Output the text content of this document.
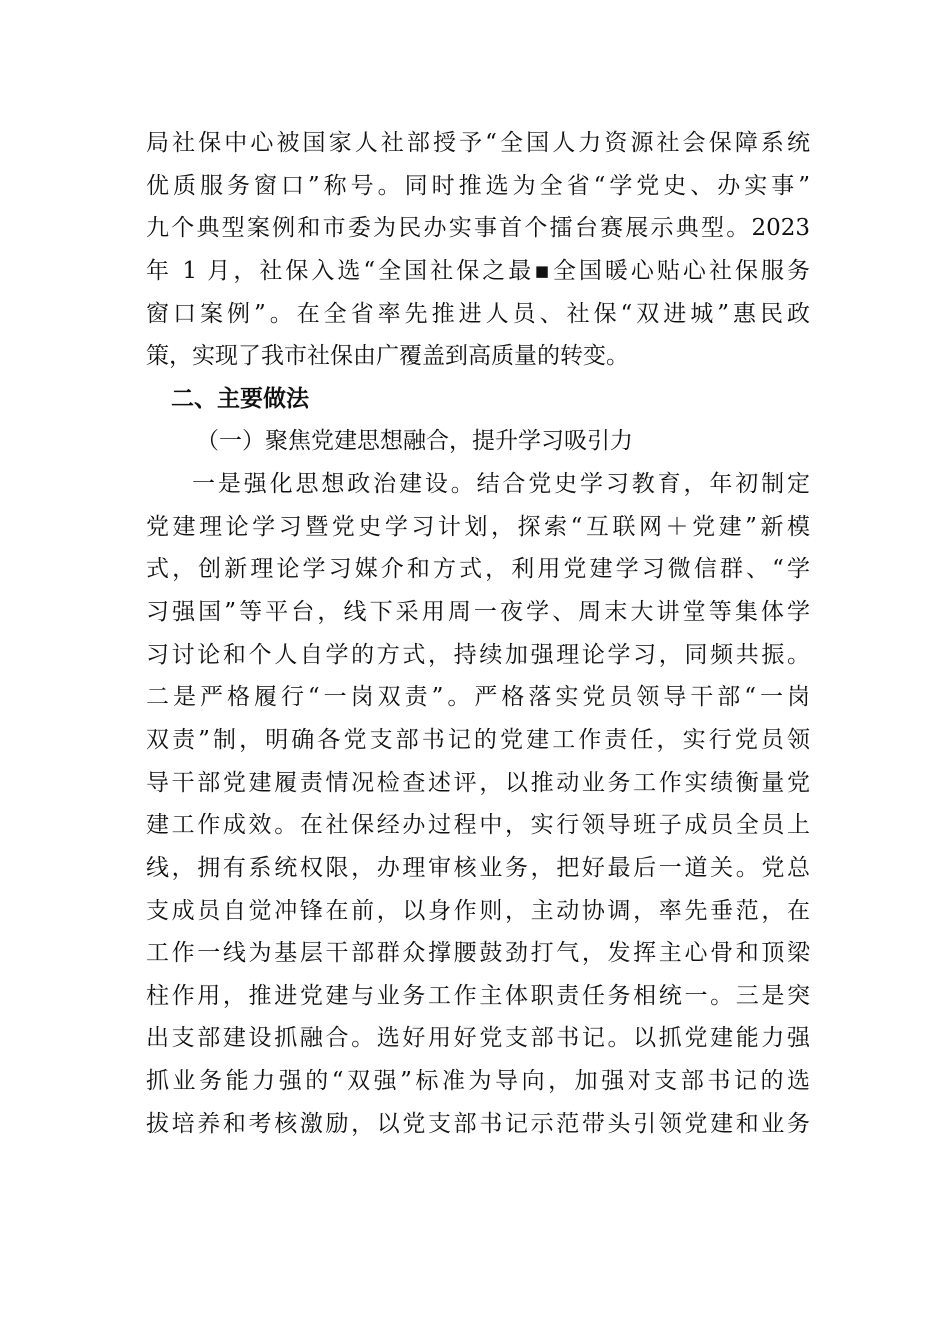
局社保中心被国家人社部授予“全国人力资源社会保障系统
优质服务窗口”称号。同时推选为全省“学党史、办实事”
九个典型案例和市委为民办实事首个擂台赛展示典型。2023
年 1 月，社保入选“全国社保之最▪全国暖心贴心社保服务
窗口案例”。在全省率先推进人员、社保“双进城”惠民政
策，实现了我市社保由广覆盖到高质量的转变。
二、主要做法
（一）聚焦党建思想融合，提升学习吸引力
一是强化思想政治建设。结合党史学习教育，年初制定
党建理论学习暨党史学习计划，探索“互联网＋党建”新模
式，创新理论学习媒介和方式，利用党建学习微信群、“学
习强国”等平台，线下采用周一夜学、周末大讲堂等集体学
习讨论和个人自学的方式，持续加强理论学习，同频共振。
二是严格履行“一岗双责”。严格落实党员领导干部“一岗
双责”制，明确各党支部书记的党建工作责任，实行党员领
导干部党建履责情况检查述评，以推动业务工作实绩衡量党
建工作成效。在社保经办过程中，实行领导班子成员全员上
线，拥有系统权限，办理审核业务，把好最后一道关。党总
支成员自觉冲锋在前，以身作则，主动协调，率先垂范，在
工作一线为基层干部群众撑腰鼓劲打气，发挥主心骨和顶梁
柱作用，推进党建与业务工作主体职责任务相统一。三是突
出支部建设抓融合。选好用好党支部书记。以抓党建能力强
抓业务能力强的“双强”标准为导向，加强对支部书记的选
拔培养和考核激励，以党支部书记示范带头引领党建和业务
